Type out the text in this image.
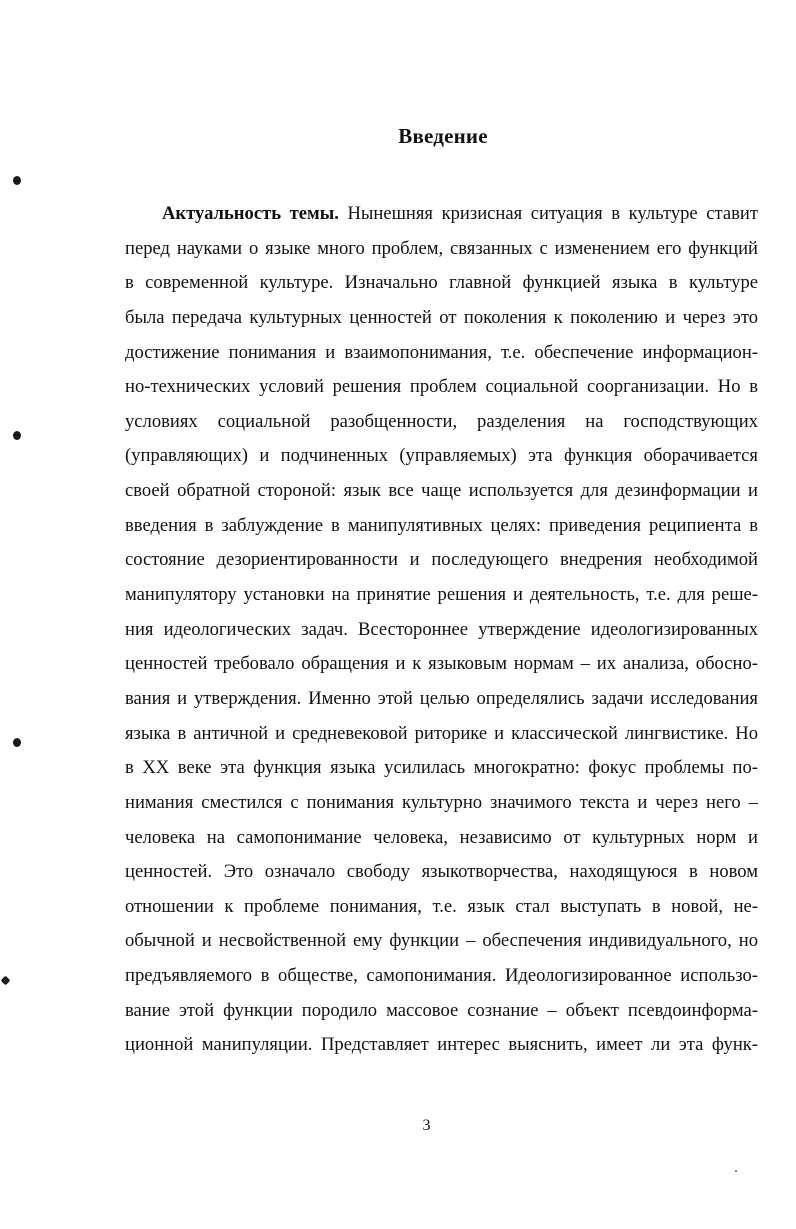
Введение
Актуальность темы. Нынешняя кризисная ситуация в культуре ставит
перед науками о языке много проблем, связанных с изменением его функций
в современной культуре. Изначально главной функцией языка в культуре
была передача культурных ценностей от поколения к поколению и через это
достижение понимания и взаимопонимания, т.е. обеспечение информацион-
но-технических условий решения проблем социальной соорганизации. Но в
условиях социальной разобщенности, разделения на господствующих
(управляющих) и подчиненных (управляемых) эта функция оборачивается
своей обратной стороной: язык все чаще используется для дезинформации и
введения в заблуждение в манипулятивных целях: приведения реципиента в
состояние дезориентированности и последующего внедрения необходимой
манипулятору установки на принятие решения и деятельность, т.е. для реше-
ния идеологических задач. Всестороннее утверждение идеологизированных
ценностей требовало обращения и к языковым нормам – их анализа, обосно-
вания и утверждения. Именно этой целью определялись задачи исследования
языка в античной и средневековой риторике и классической лингвистике. Но
в XX веке эта функция языка усилилась многократно: фокус проблемы по-
нимания сместился с понимания культурно значимого текста и через него –
человека на самопонимание человека, независимо от культурных норм и
ценностей. Это означало свободу языкотворчества, находящуюся в новом
отношении к проблеме понимания, т.е. язык стал выступать в новой, не-
обычной и несвойственной ему функции – обеспечения индивидуального, но
предъявляемого в обществе, самопонимания. Идеологизированное использо-
вание этой функции породило массовое сознание – объект псевдоинформа-
ционной манипуляции. Представляет интерес выяснить, имеет ли эта функ-
3
